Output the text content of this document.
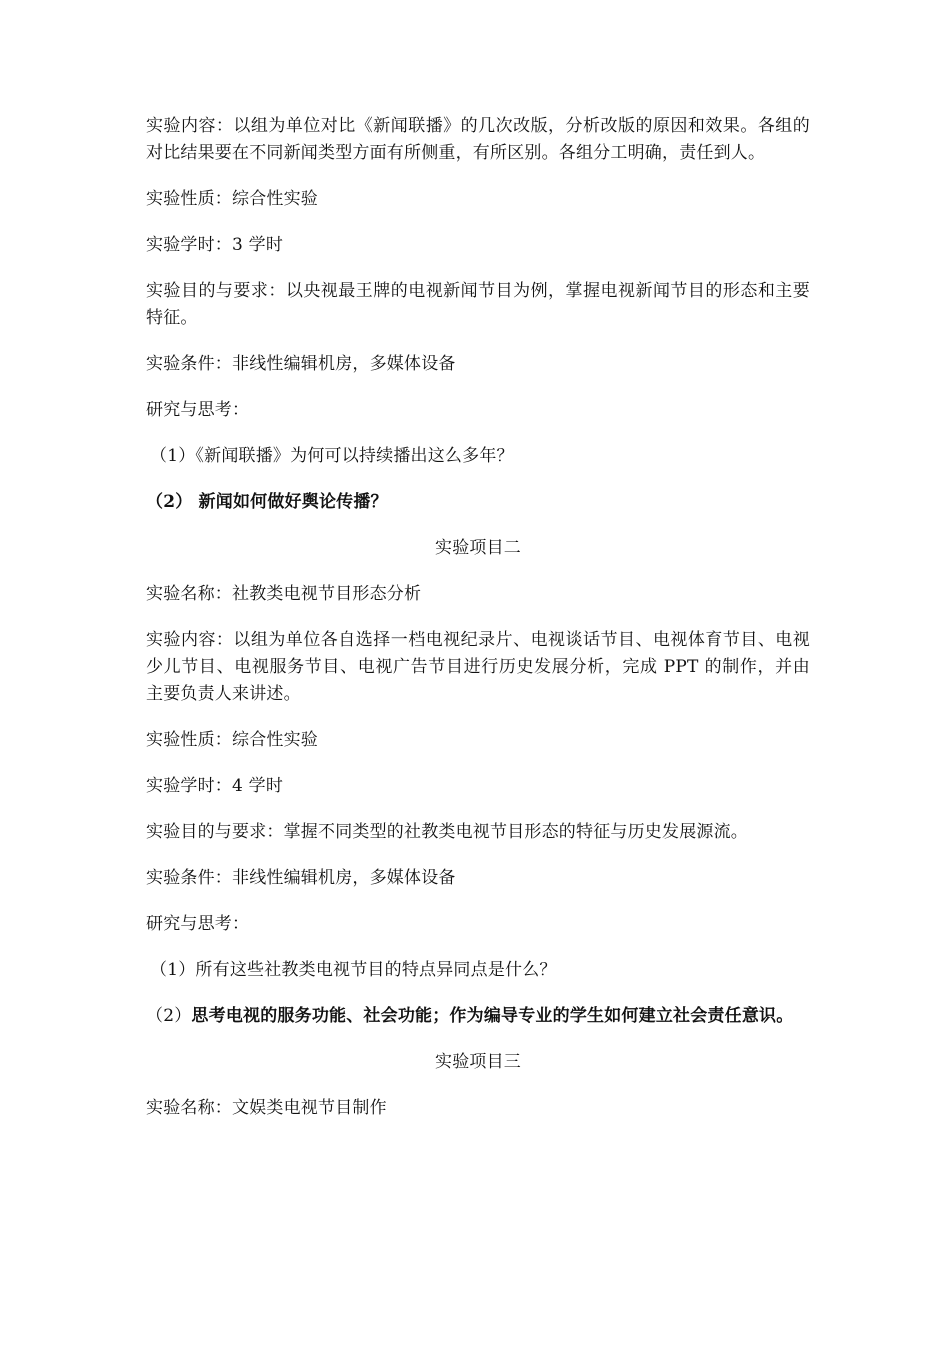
实验内容：以组为单位对比《新闻联播》的几次改版，分析改版的原因和效果。各组的对比结果要在不同新闻类型方面有所侧重，有所区别。各组分工明确，责任到人。

实验性质：综合性实验

实验学时：3 学时

实验目的与要求：以央视最王牌的电视新闻节目为例，掌握电视新闻节目的形态和主要特征。

实验条件：非线性编辑机房，多媒体设备

研究与思考：

（1）《新闻联播》为何可以持续播出这么多年？

（2） 新闻如何做好舆论传播？

实验项目二

实验名称：社教类电视节目形态分析

实验内容：以组为单位各自选择一档电视纪录片、电视谈话节目、电视体育节目、电视少儿节目、电视服务节目、电视广告节目进行历史发展分析，完成 PPT 的制作，并由主要负责人来讲述。

实验性质：综合性实验

实验学时：4 学时

实验目的与要求：掌握不同类型的社教类电视节目形态的特征与历史发展源流。

实验条件：非线性编辑机房，多媒体设备

研究与思考：

（1）所有这些社教类电视节目的特点异同点是什么？

（2）思考电视的服务功能、社会功能；作为编导专业的学生如何建立社会责任意识。

实验项目三

实验名称：文娱类电视节目制作
